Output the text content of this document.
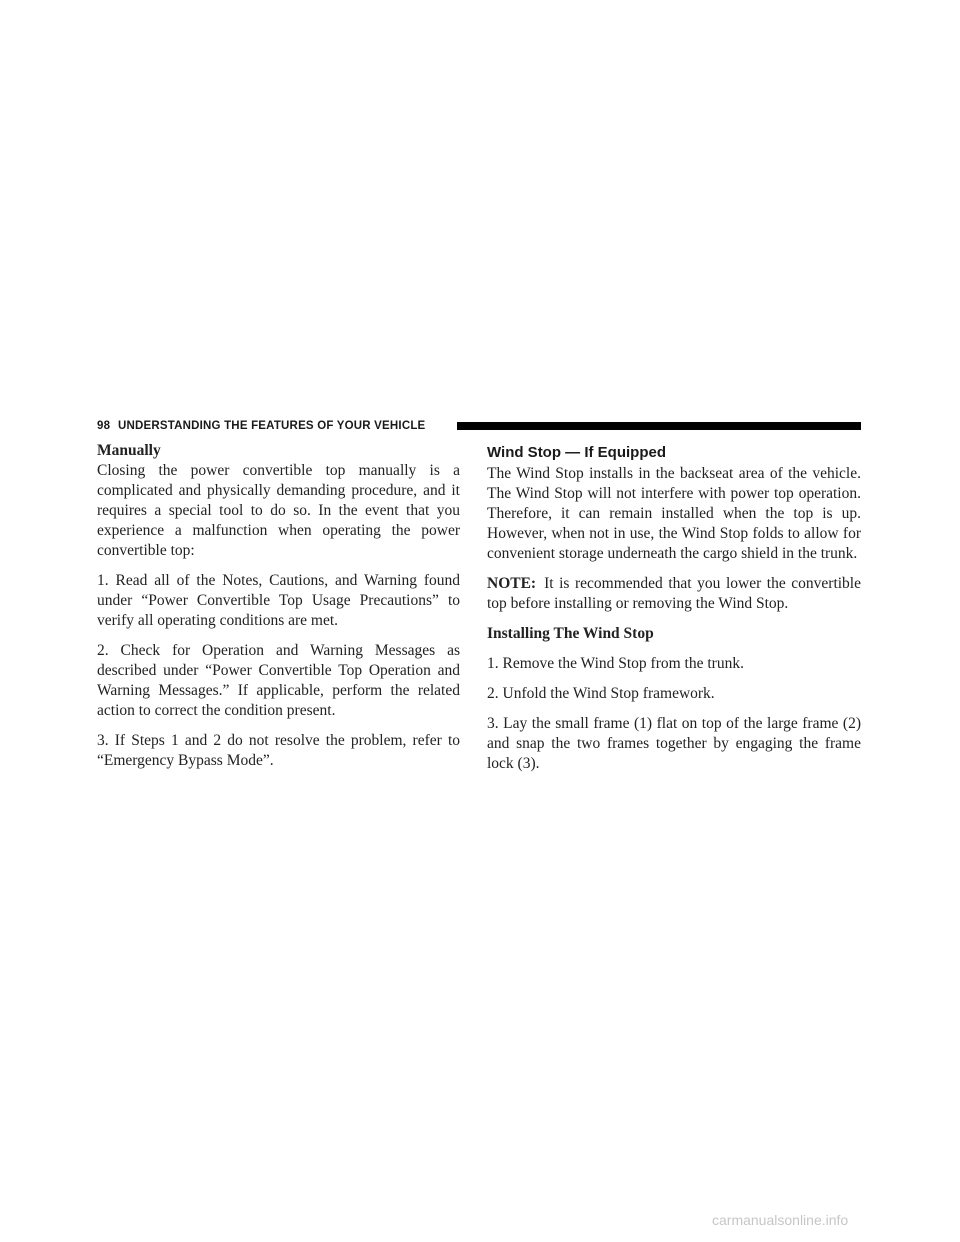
98 UNDERSTANDING THE FEATURES OF YOUR VEHICLE
Manually

Closing the power convertible top manually is a complicated and physically demanding procedure, and it requires a special tool to do so. In the event that you experience a malfunction when operating the power convertible top:

1. Read all of the Notes, Cautions, and Warning found under “Power Convertible Top Usage Precautions” to verify all operating conditions are met.

2. Check for Operation and Warning Messages as described under “Power Convertible Top Operation and Warning Messages.” If applicable, perform the related action to correct the condition present.

3. If Steps 1 and 2 do not resolve the problem, refer to “Emergency Bypass Mode”.

Wind Stop — If Equipped

The Wind Stop installs in the backseat area of the vehicle. The Wind Stop will not interfere with power top operation. Therefore, it can remain installed when the top is up. However, when not in use, the Wind Stop folds to allow for convenient storage underneath the cargo shield in the trunk.

NOTE: It is recommended that you lower the convertible top before installing or removing the Wind Stop.

Installing The Wind Stop

1. Remove the Wind Stop from the trunk.

2. Unfold the Wind Stop framework.

3. Lay the small frame (1) flat on top of the large frame (2) and snap the two frames together by engaging the frame lock (3).

carmanualsonline.info
